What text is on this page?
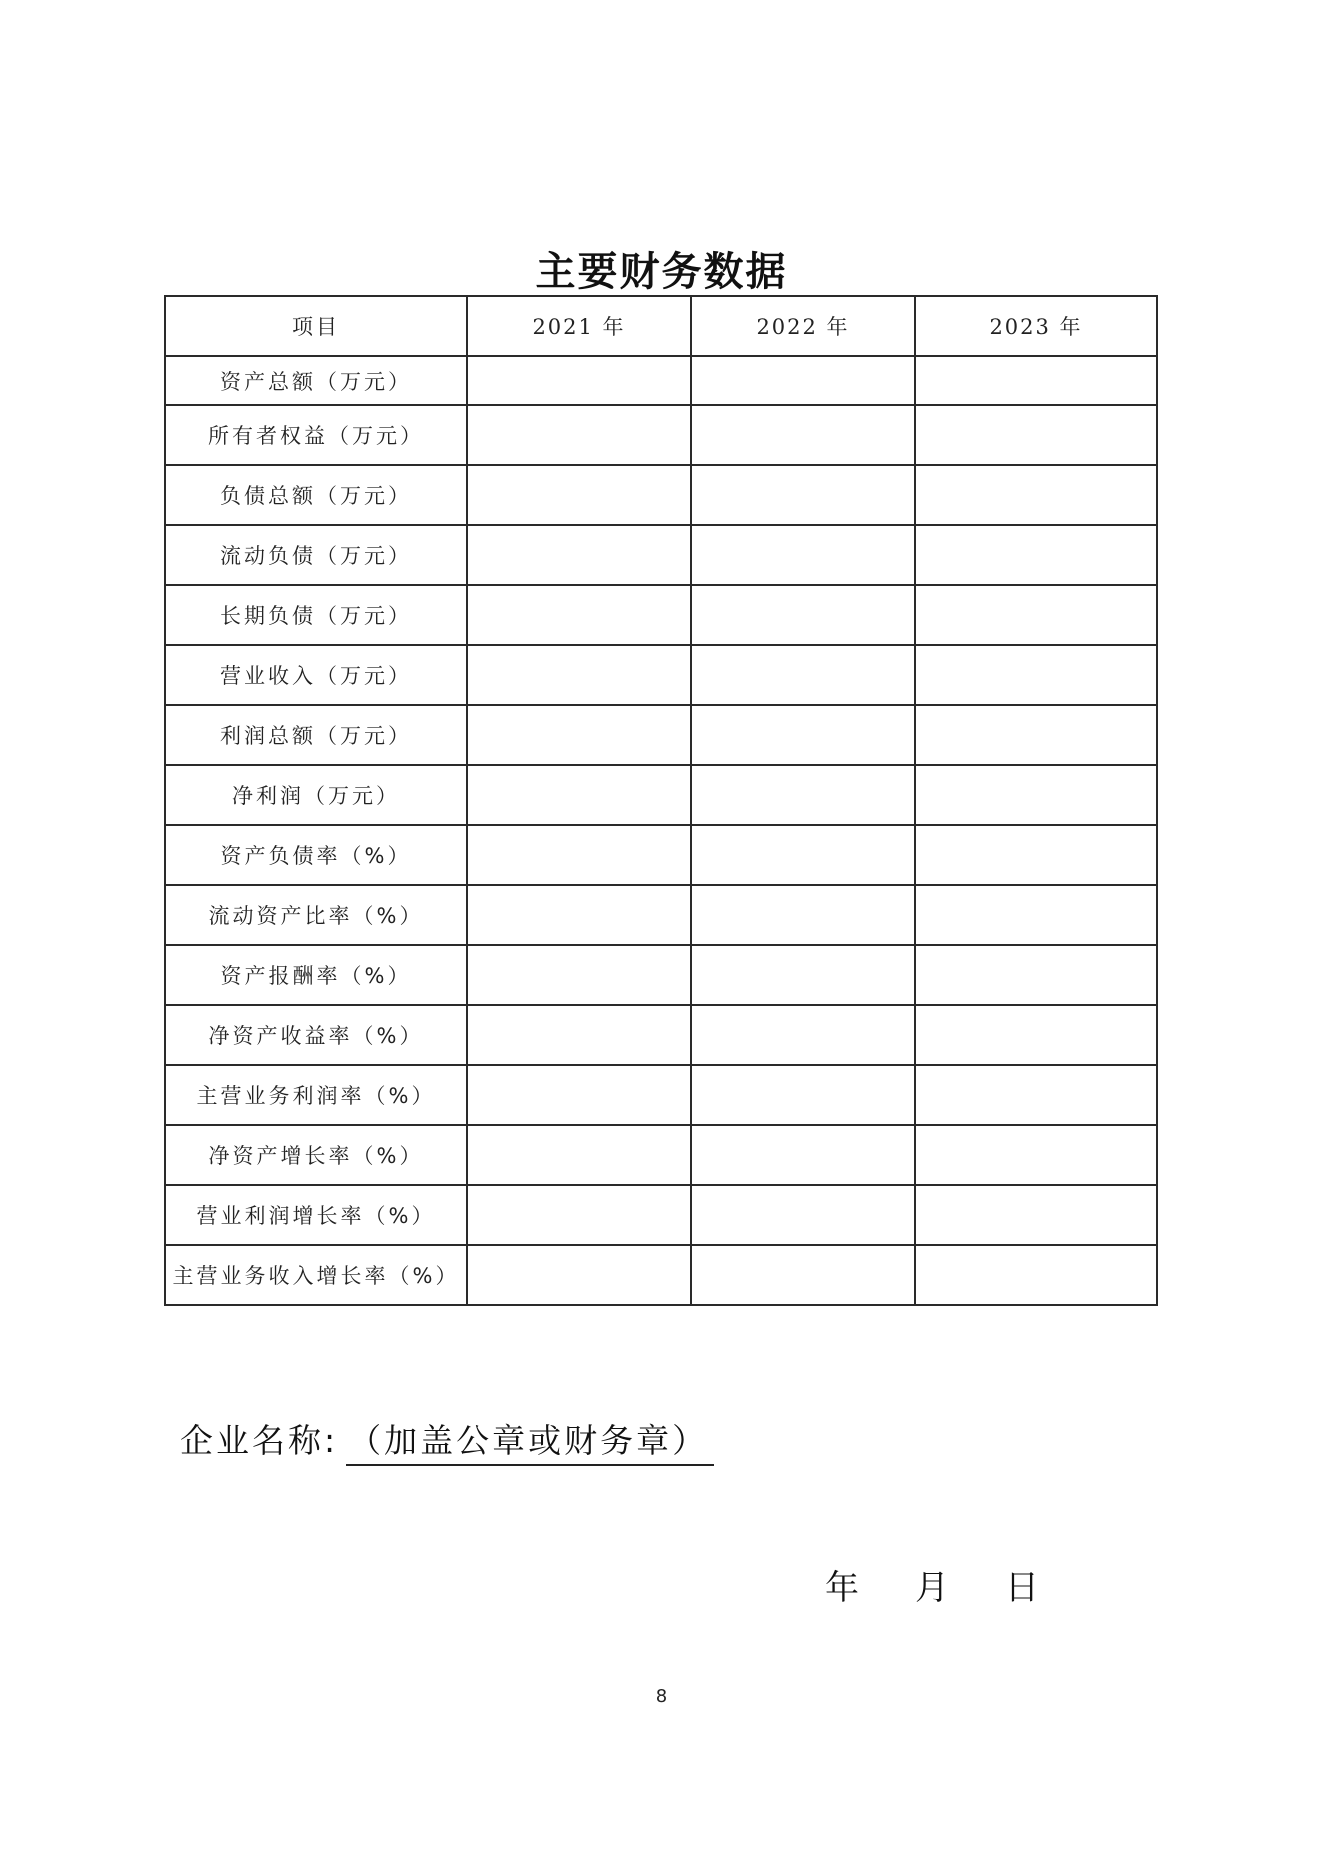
主要财务数据
项目	2021 年	2022 年	2023 年
资产总额（万元）			
所有者权益（万元）			
负债总额（万元）			
流动负债（万元）			
长期负债（万元）			
营业收入（万元）			
利润总额（万元）			
净利润（万元）			
资产负债率（%）			
流动资产比率（%）			
资产报酬率（%）			
净资产收益率（%）			
主营业务利润率（%）			
净资产增长率（%）			
营业利润增长率（%）			
主营业务收入增长率（%）			
企业名称: （加盖公章或财务章）
年 月 日
8
